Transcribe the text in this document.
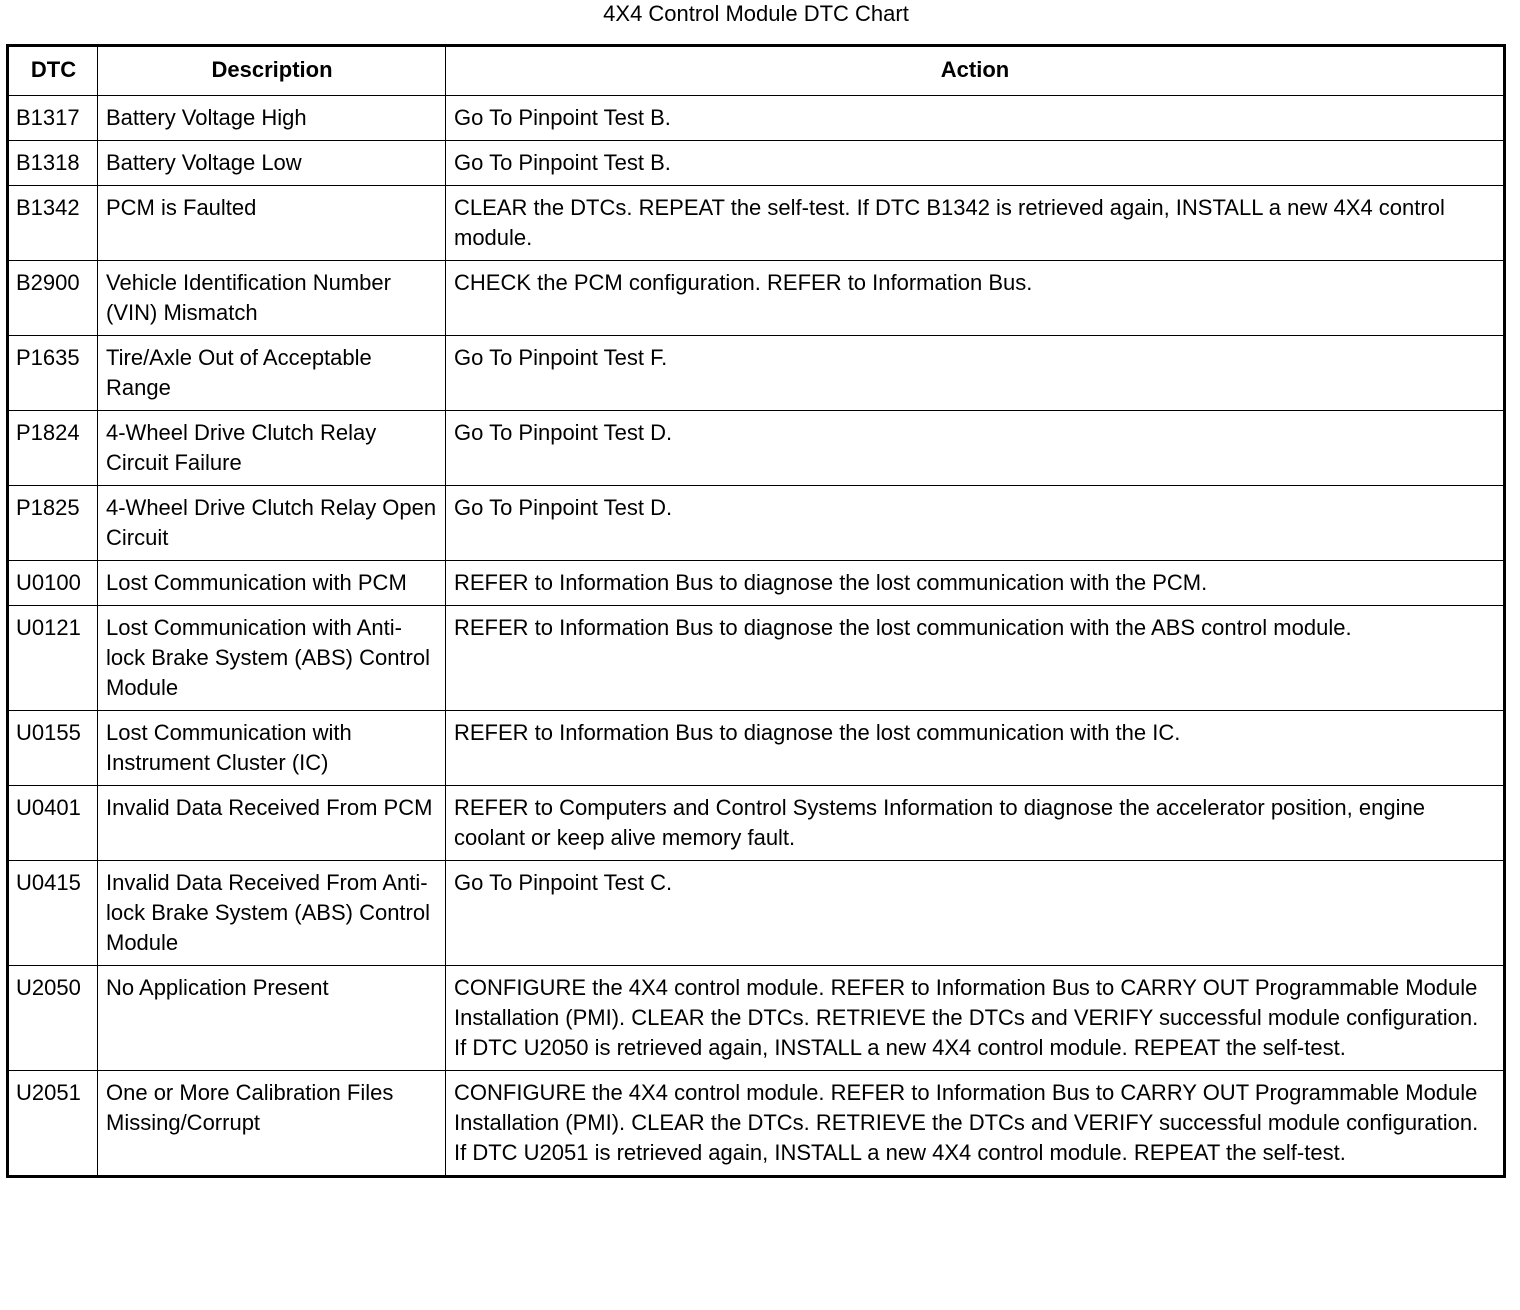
4X4 Control Module DTC Chart
DTC	Description	Action
B1317	Battery Voltage High	Go To Pinpoint Test B.
B1318	Battery Voltage Low	Go To Pinpoint Test B.
B1342	PCM is Faulted	CLEAR the DTCs. REPEAT the self-test. If DTC B1342 is retrieved again, INSTALL a new 4X4 control module.
B2900	Vehicle Identification Number (VIN) Mismatch	CHECK the PCM configuration. REFER to Information Bus.
P1635	Tire/Axle Out of Acceptable Range	Go To Pinpoint Test F.
P1824	4-Wheel Drive Clutch Relay Circuit Failure	Go To Pinpoint Test D.
P1825	4-Wheel Drive Clutch Relay Open Circuit	Go To Pinpoint Test D.
U0100	Lost Communication with PCM	REFER to Information Bus to diagnose the lost communication with the PCM.
U0121	Lost Communication with Anti-lock Brake System (ABS) Control Module	REFER to Information Bus to diagnose the lost communication with the ABS control module.
U0155	Lost Communication with Instrument Cluster (IC)	REFER to Information Bus to diagnose the lost communication with the IC.
U0401	Invalid Data Received From PCM	REFER to Computers and Control Systems Information to diagnose the accelerator position, engine coolant or keep alive memory fault.
U0415	Invalid Data Received From Anti-lock Brake System (ABS) Control Module	Go To Pinpoint Test C.
U2050	No Application Present	CONFIGURE the 4X4 control module. REFER to Information Bus to CARRY OUT Programmable Module Installation (PMI). CLEAR the DTCs. RETRIEVE the DTCs and VERIFY successful module configuration. If DTC U2050 is retrieved again, INSTALL a new 4X4 control module. REPEAT the self-test.
U2051	One or More Calibration Files Missing/Corrupt	CONFIGURE the 4X4 control module. REFER to Information Bus to CARRY OUT Programmable Module Installation (PMI). CLEAR the DTCs. RETRIEVE the DTCs and VERIFY successful module configuration. If DTC U2051 is retrieved again, INSTALL a new 4X4 control module. REPEAT the self-test.
